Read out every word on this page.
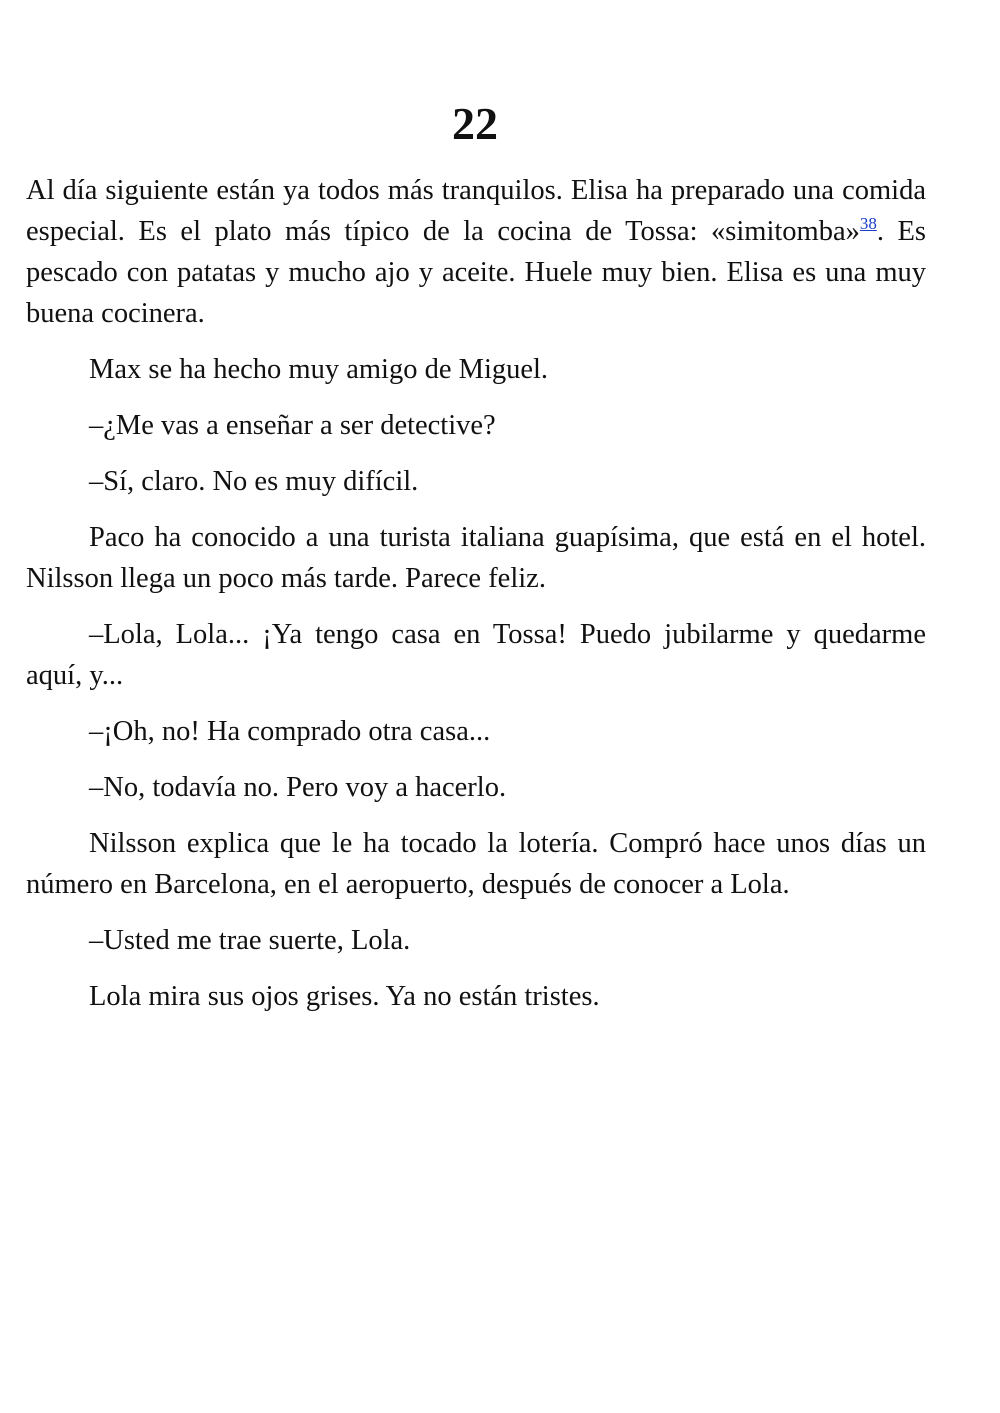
22

Al día siguiente están ya todos más tranquilos. Elisa ha preparado una comida especial. Es el plato más típico de la cocina de Tossa: «simitomba»$^{38}$. Es pescado con patatas y mucho ajo y aceite. Huele muy bien. Elisa es una muy buena cocinera.

Max se ha hecho muy amigo de Miguel.

–¿Me vas a enseñar a ser detective?

–Sí, claro. No es muy difícil.

Paco ha conocido a una turista italiana guapísima, que está en el hotel. Nilsson llega un poco más tarde. Parece feliz.

–Lola, Lola... ¡Ya tengo casa en Tossa! Puedo jubilarme y quedarme aquí, y...

–¡Oh, no! Ha comprado otra casa...

–No, todavía no. Pero voy a hacerlo.

Nilsson explica que le ha tocado la lotería. Compró hace unos días un número en Barcelona, en el aeropuerto, después de conocer a Lola.

–Usted me trae suerte, Lola.

Lola mira sus ojos grises. Ya no están tristes.
